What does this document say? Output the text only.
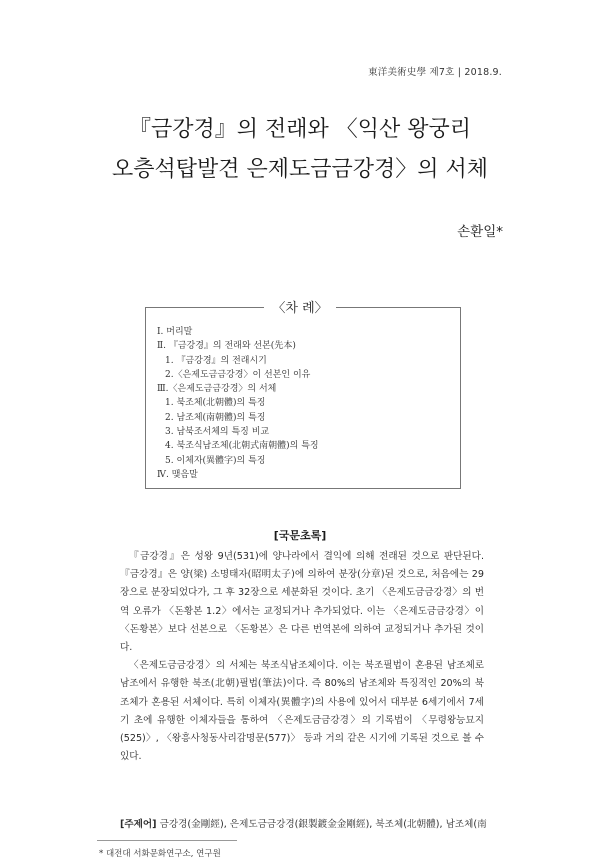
東洋美術史學 제7호 | 2018.9.
『금강경』의 전래와 〈익산 왕궁리
오층석탑발견 은제도금금강경〉의 서체
손환일*
〈차 례〉
Ⅰ. 머리말
Ⅱ. 『금강경』의 전래와 선본(先本)
1. 『금강경』의 전래시기
2.〈은제도금금강경〉이 선본인 이유
Ⅲ.〈은제도금금강경〉의 서체
1. 북조체(北朝體)의 특징
2. 남조체(南朝體)의 특징
3. 남북조서체의 특징 비교
4. 북조식남조체(北朝式南朝體)의 특징
5. 이체자(異體字)의 특징
Ⅳ. 맺음말
[국문초록]

『금강경』은 성왕 9년(531)에 양나라에서 결익에 의해 전래된 것으로 판단된다. 『금강경』은 양(梁) 소명태자(昭明太子)에 의하여 분장(分章)된 것으로, 처음에는 29장으로 분장되었다가, 그 후 32장으로 세분화된 것이다. 초기 〈은제도금금강경〉의 번역 오류가 〈돈황본 1.2〉에서는 교정되거나 추가되었다. 이는 〈은제도금금강경〉이 〈돈황본〉보다 선본으로 〈돈황본〉은 다른 번역본에 의하여 교정되거나 추가된 것이다.

〈은제도금금강경〉의 서체는 북조식남조체이다. 이는 북조필법이 혼용된 남조체로 남조에서 유행한 북조(北朝)필법(筆法)이다. 즉 80%의 남조체와 특징적인 20%의 북조체가 혼용된 서체이다. 특히 이체자(異體字)의 사용에 있어서 대부분 6세기에서 7세기 초에 유행한 이체자들을 통하여 〈은제도금금강경〉의 기록법이 〈무령왕능묘지(525)〉, 〈왕흥사청동사리감명문(577)〉 등과 거의 같은 시기에 기록된 것으로 볼 수 있다.

[주제어] 금강경(金剛經), 은제도금금강경(銀製鍍金金剛經), 북조체(北朝體), 남조체(南
* 대전대 서화문화연구소, 연구원
